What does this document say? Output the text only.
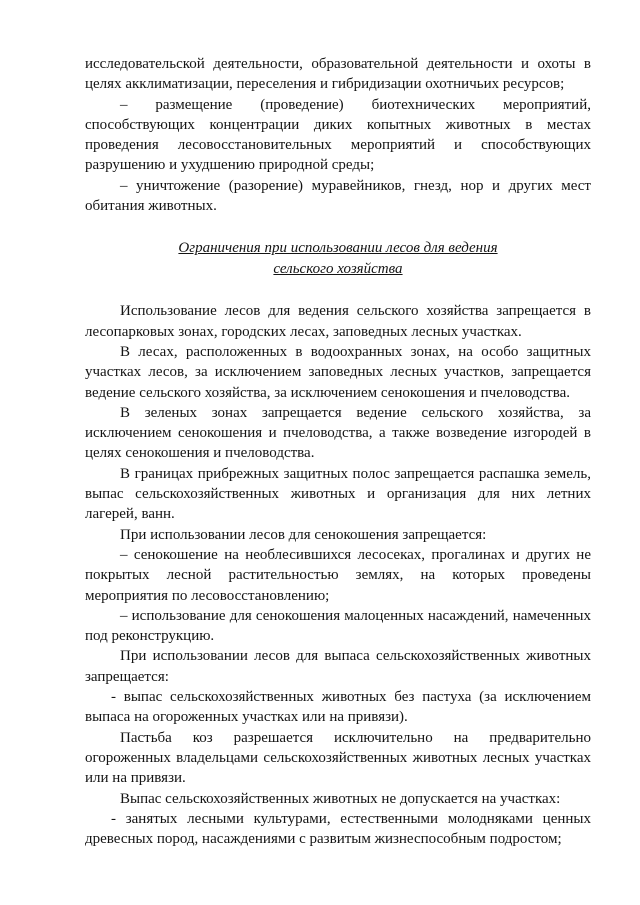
исследовательской деятельности, образовательной деятельности и охоты в целях акклиматизации, переселения и гибридизации охотничьих ресурсов;

– размещение (проведение) биотехнических мероприятий, способствующих концентрации диких копытных животных в местах проведения лесовосстановительных мероприятий и способствующих разрушению и ухудшению природной среды;

– уничтожение (разорение) муравейников, гнезд, нор и других мест обитания животных.

Ограничения при использовании лесов для ведения
сельского хозяйства

Использование лесов для ведения сельского хозяйства запрещается в лесопарковых зонах, городских лесах, заповедных лесных участках.

В лесах, расположенных в водоохранных зонах, на особо защитных участках лесов, за исключением заповедных лесных участков, запрещается ведение сельского хозяйства, за исключением сенокошения и пчеловодства.

В зеленых зонах запрещается ведение сельского хозяйства, за исключением сенокошения и пчеловодства, а также возведение изгородей в целях сенокошения и пчеловодства.

В границах прибрежных защитных полос запрещается распашка земель, выпас сельскохозяйственных животных и организация для них летних лагерей, ванн.

При использовании лесов для сенокошения запрещается:

– сенокошение на необлесившихся лесосеках, прогалинах и других не покрытых лесной растительностью землях, на которых проведены мероприятия по лесовосстановлению;

– использование для сенокошения малоценных насаждений, намеченных под реконструкцию.

При использовании лесов для выпаса сельскохозяйственных животных запрещается:

- выпас сельскохозяйственных животных без пастуха (за исключением выпаса на огороженных участках или на привязи).

Пастьба коз разрешается исключительно на предварительно огороженных владельцами сельскохозяйственных животных лесных участках или на привязи.

Выпас сельскохозяйственных животных не допускается на участках:

- занятых лесными культурами, естественными молодняками ценных древесных пород, насаждениями с развитым жизнеспособным подростом;
